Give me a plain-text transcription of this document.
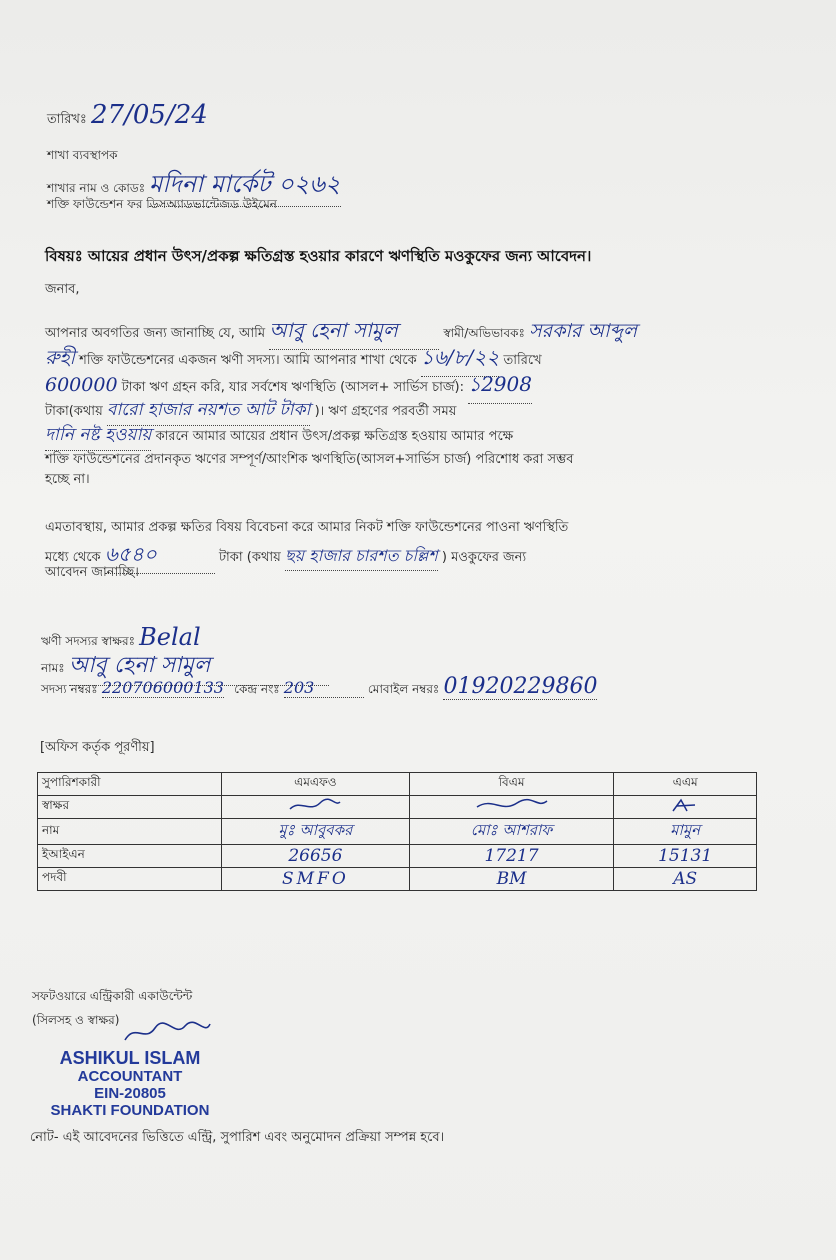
তারিখঃ 27/05/24
শাখা ব্যবস্থাপক
শাখার নাম ও কোডঃ মদিনা মার্কেট ০২৬২
শক্তি ফাউন্ডেশন ফর ডিসঅ্যাডভান্টেজড উইমেন
বিষয়ঃ আয়ের প্রধান উৎস/প্রকল্প ক্ষতিগ্রস্ত হওয়ার কারণে ঋণস্থিতি মওকুফের জন্য আবেদন।
জনাব,
আপনার অবগতির জন্য জানাচ্ছি যে, আমি আবু হেনা সামুল	স্বামী/অভিভাবকঃ সরকার আব্দুল
রুহী শক্তি ফাউন্ডেশনের একজন ঋণী সদস্য। আমি আপনার শাখা থেকে ১৬/৮/২২ তারিখে
600000 টাকা ঋণ গ্রহন করি, যার সর্বশেষ ঋণস্থিতি (আসল+ সার্ভিস চার্জ): ১2908
টাকা(কথায় বারো হাজার নয়শত আট টাকা )। ঋণ গ্রহণের পরবর্তী সময়
দানি নষ্ট হওয়ায় কারনে আমার আয়ের প্রধান উৎস/প্রকল্প ক্ষতিগ্রস্ত হওয়ায় আমার পক্ষে
শক্তি ফাউন্ডেশনের প্রদানকৃত ঋণের সম্পূর্ণ/আংশিক ঋণস্থিতি(আসল+সার্ভিস চার্জ) পরিশোধ করা সম্ভব
হচ্ছে না।
এমতাবস্থায়, আমার প্রকল্প ক্ষতির বিষয় বিবেচনা করে আমার নিকট শক্তি ফাউন্ডেশনের পাওনা ঋণস্থিতি
মধ্যে থেকে ৬৫৪০	টাকা (কথায় ছয় হাজার চারশত চল্লিশ ) মওকুফের জন্য
আবেদন জানাচ্ছি।
ঋণী সদস্যর স্বাক্ষরঃ Belal
নামঃ আবু হেনা সামুল
সদস্য নম্বরঃ 220706000133 কেন্দ্র নংঃ 203	মোবাইল নম্বরঃ 01920229860
[অফিস কর্তৃক পূরণীয়]
সুপারিশকারী	এমএফও	বিএম	এএম
স্বাক্ষর			
নাম	মুঃ আবুবকর	মোঃ আশরাফ	মামুন
ইআইএন	26656	17217	15131
পদবী	SMFO	BM	AS
সফটওয়ারে এন্ট্রিকারী একাউন্টেন্ট
(সিলসহ ও স্বাক্ষর)
ASHIKUL ISLAM
ACCOUNTANT
EIN-20805
SHAKTI FOUNDATION
নোট- এই আবেদনের ভিত্তিতে এন্ট্রি, সুপারিশ এবং অনুমোদন প্রক্রিয়া সম্পন্ন হবে।
